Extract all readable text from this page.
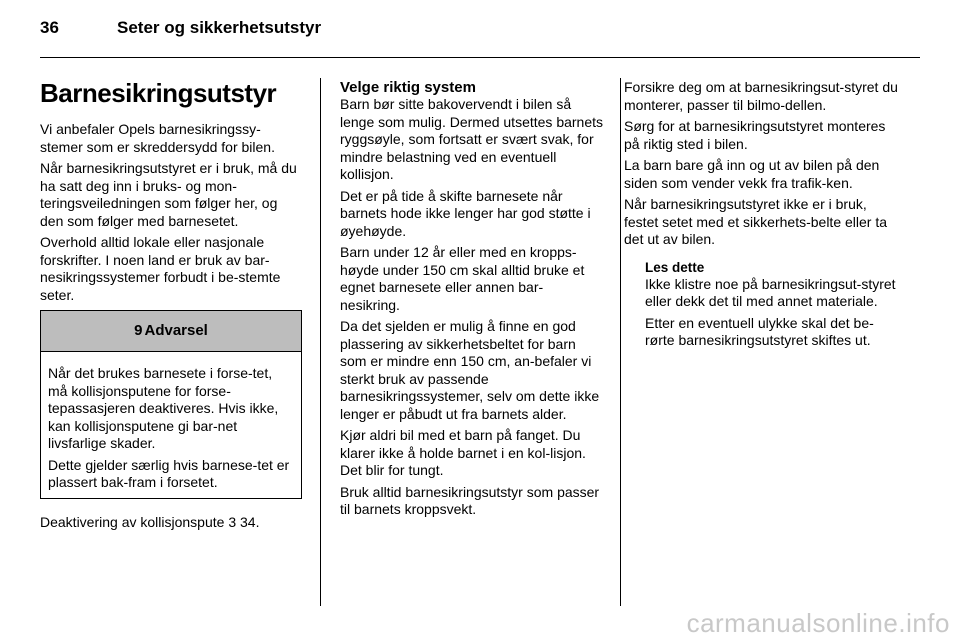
36	Seter og sikkerhetsutstyr
Barnesikringsutstyr

Vi anbefaler Opels barnesikringssy-stemer som er skreddersydd for bilen.

Når barnesikringsutstyret er i bruk, må du ha satt deg inn i bruks- og mon-teringsveiledningen som følger her, og den som følger med barnesetet.

Overhold alltid lokale eller nasjonale forskrifter. I noen land er bruk av bar-nesikringssystemer forbudt i be-stemte seter.

9 Advarsel

Når det brukes barnesete i forse-tet, må kollisjonsputene for forse-tepassasjeren deaktiveres. Hvis ikke, kan kollisjonsputene gi bar-net livsfarlige skader.

Dette gjelder særlig hvis barnese-tet er plassert bak-fram i forsetet.

Deaktivering av kollisjonspute 3 34.

Velge riktig system

Barn bør sitte bakovervendt i bilen så lenge som mulig. Dermed utsettes barnets ryggsøyle, som fortsatt er svært svak, for mindre belastning ved en eventuell kollisjon.

Det er på tide å skifte barnesete når barnets hode ikke lenger har god støtte i øyehøyde.

Barn under 12 år eller med en kropps-høyde under 150 cm skal alltid bruke et egnet barnesete eller annen bar-nesikring.

Da det sjelden er mulig å finne en god plassering av sikkerhetsbeltet for barn som er mindre enn 150 cm, an-befaler vi sterkt bruk av passende barnesikringssystemer, selv om dette ikke lenger er påbudt ut fra barnets alder.

Kjør aldri bil med et barn på fanget. Du klarer ikke å holde barnet i en kol-lisjon. Det blir for tungt.

Bruk alltid barnesikringsutstyr som passer til barnets kroppsvekt.

Forsikre deg om at barnesikringsut-styret du monterer, passer til bilmo-dellen.

Sørg for at barnesikringsutstyret monteres på riktig sted i bilen.

La barn bare gå inn og ut av bilen på den siden som vender vekk fra trafik-ken.

Når barnesikringsutstyret ikke er i bruk, festet setet med et sikkerhets-belte eller ta det ut av bilen.

Les dette

Ikke klistre noe på barnesikringsut-styret eller dekk det til med annet materiale.

Etter en eventuell ulykke skal det be-rørte barnesikringsutstyret skiftes ut.

carmanualsonline.info
